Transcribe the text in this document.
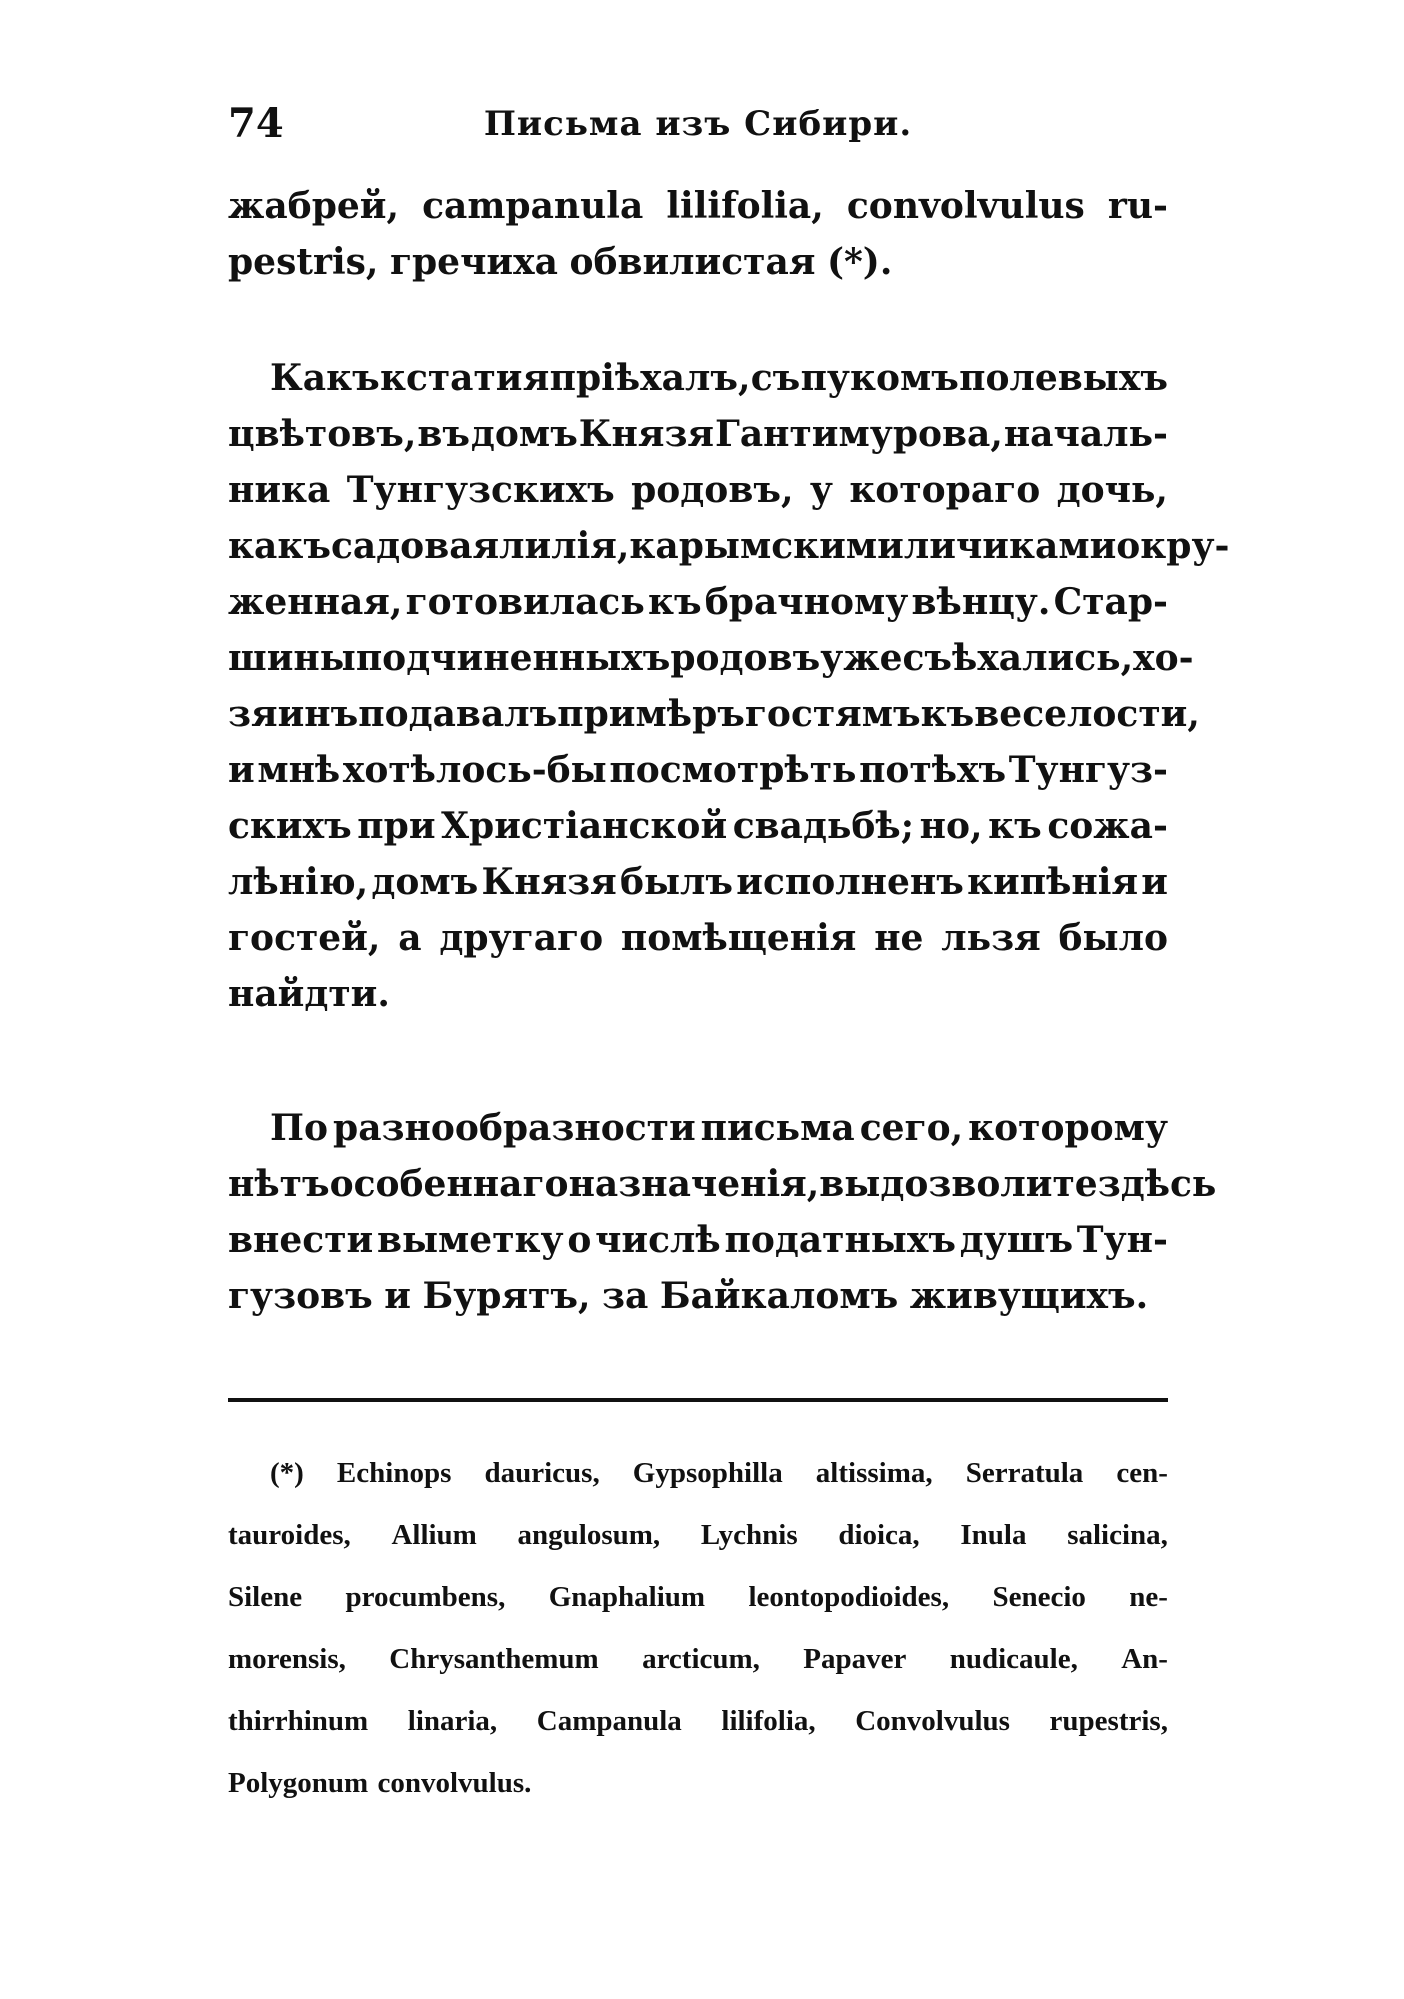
74	Письма изъ Сибири.
жабрей, campanula lilifolia, convolvulus ru-
pestris, гречиха обвилистая (*).
Какъ кстати я пріѣхалъ, съ пукомъ полевыхъ
цвѣтовъ, въ домъ Князя Гантимурова, началь-
ника Тунгузскихъ родовъ, у котораго дочь,
какъ садовая лилія, карымскими личиками окру-
женная, готовилась къ брачному вѣнцу. Стар-
шины подчиненныхъ родовъ уже съѣхались, хо-
зяинъ подавалъ примѣръ гостямъ къ веселости,
и мнѣ хотѣлось-бы посмотрѣть потѣхъ Тунгуз-
скихъ при Христіанской свадьбѣ; но, къ сожа-
лѣнію, домъ Князя былъ исполненъ кипѣнія и
гостей, а другаго помѣщенія не льзя было
найдти.
По разнообразности письма сего, которому
нѣтъ особеннаго назначенія, вы дозволите здѣсь
внести выметку о числѣ податныхъ душъ Тун-
гузовъ и Бурятъ, за Байкаломъ живущихъ.
(*) Echinops dauricus, Gypsophilla altissima, Serratula cen-
tauroides, Allium angulosum, Lychnis dioica, Inula salicina,
Silene procumbens, Gnaphalium leontopodioides, Senecio ne-
morensis, Chrysanthemum arcticum, Papaver nudicaule, An-
thirrhinum linaria, Campanula lilifolia, Convolvulus rupestris,
Polygonum convolvulus.
